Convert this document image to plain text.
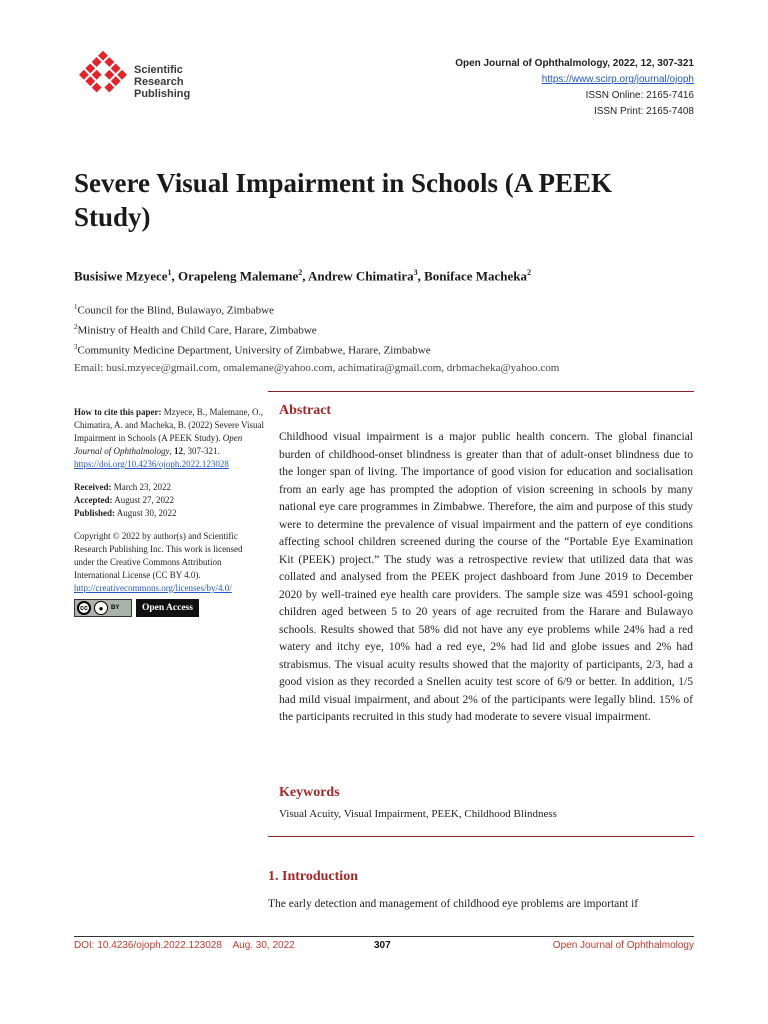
Scientific
Research
Publishing
Open Journal of Ophthalmology, 2022, 12, 307-321
https://www.scirp.org/journal/ojoph
ISSN Online: 2165-7416
ISSN Print: 2165-7408
Severe Visual Impairment in Schools (A PEEK Study)
Busisiwe Mzyece$^1$, Orapeleng Malemane$^2$, Andrew Chimatira$^3$, Boniface Macheka$^2$
$^1$Council for the Blind, Bulawayo, Zimbabwe
$^2$Ministry of Health and Child Care, Harare, Zimbabwe
$^3$Community Medicine Department, University of Zimbabwe, Harare, Zimbabwe
Email: busi.mzyece@gmail.com, omalemane@yahoo.com, achimatira@gmail.com, drbmacheka@yahoo.com
How to cite this paper: Mzyece, B., Malemane, O., Chimatira, A. and Macheka, B. (2022) Severe Visual Impairment in Schools (A PEEK Study). Open Journal of Ophthalmology, 12, 307-321.
https://doi.org/10.4236/ojoph.2022.123028
Received: March 23, 2022
Accepted: August 27, 2022
Published: August 30, 2022
Copyright © 2022 by author(s) and Scientific Research Publishing Inc. This work is licensed under the Creative Commons Attribution International License (CC BY 4.0).
http://creativecommons.org/licenses/by/4.0/
cc	●	BY	Open Access
Abstract

Childhood visual impairment is a major public health concern. The global financial burden of childhood-onset blindness is greater than that of adult-onset blindness due to the longer span of living. The importance of good vision for education and socialisation from an early age has prompted the adoption of vision screening in schools by many national eye care programmes in Zimbabwe. Therefore, the aim and purpose of this study were to determine the prevalence of visual impairment and the pattern of eye conditions affecting school children screened during the course of the “Portable Eye Examination Kit (PEEK) project.” The study was a retrospective review that utilized data that was collated and analysed from the PEEK project dashboard from June 2019 to December 2020 by well-trained eye health care providers. The sample size was 4591 school-going children aged between 5 to 20 years of age recruited from the Harare and Bulawayo schools. Results showed that 58% did not have any eye problems while 24% had a red watery and itchy eye, 10% had a red eye, 2% had lid and globe issues and 2% had strabismus. The visual acuity results showed that the majority of participants, 2/3, had a good vision as they recorded a Snellen acuity test score of 6/9 or better. In addition, 1/5 had mild visual impairment, and about 2% of the participants were legally blind. 15% of the participants recruited in this study had moderate to severe visual impairment.

Keywords

Visual Acuity, Visual Impairment, PEEK, Childhood Blindness

1. Introduction

The early detection and management of childhood eye problems are important if

DOI: 10.4236/ojoph.2022.123028    Aug. 30, 2022	307	Open Journal of Ophthalmology
